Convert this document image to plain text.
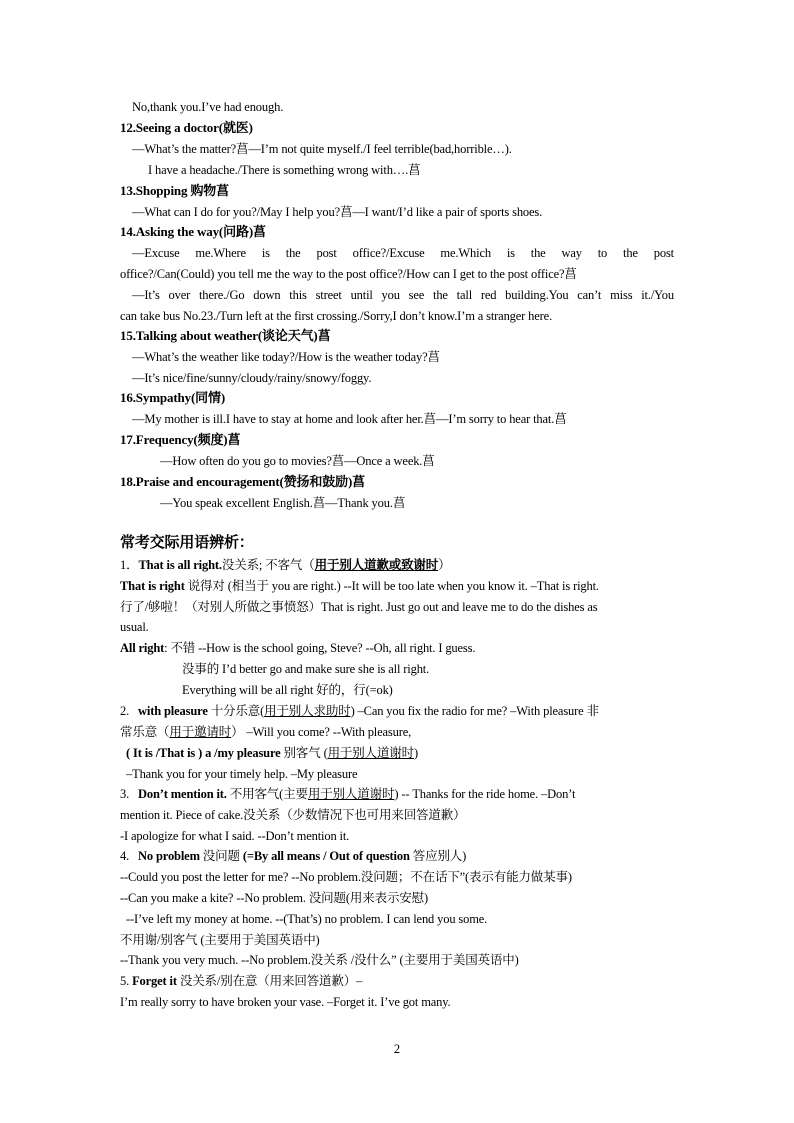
No,thank you.I’ve had enough.
12.Seeing a doctor(就医)
—What’s the matter?菖—I’m not quite myself./I feel terrible(bad,horrible…).
I have a headache./There is something wrong with….菖
13.Shopping 购物菖
—What can I do for you?/May I help you?菖—I want/I’d like a pair of sports shoes.
14.Asking the way(问路)菖
—Excuse me.Where is the post office?/Excuse me.Which is the way to the post
office?/Can(Could) you tell me the way to the post office?/How can I get to the post office?菖
—It’s over there./Go down this street until you see the tall red building.You can’t miss it./You
can take bus No.23./Turn left at the first crossing./Sorry,I don’t know.I’m a stranger here.
15.Talking about weather(谈论天气)菖
—What’s the weather like today?/How is the weather today?菖
—It’s nice/fine/sunny/cloudy/rainy/snowy/foggy.
16.Sympathy(同情)
—My mother is ill.I have to stay at home and look after her.菖—I’m sorry to hear that.菖
17.Frequency(频度)菖
—How often do you go to movies?菖—Once a week.菖
18.Praise and encouragement(赞扬和鼓励)菖
—You speak excellent English.菖—Thank you.菖
常考交际用语辨析：
1．That is all right.没关系; 不客气（用于别人道歉或致谢时）
That is right 说得对 (相当于 you are right.) --It will be too late when you know it. –That is right.
行了/够啦！（对别人所做之事愤怒）That is right. Just go out and leave me to do the dishes as
usual.
All right: 不错 --How is the school going, Steve? --Oh, all right. I guess.
没事的 I’d better go and make sure she is all right.
Everything will be all right 好的，行(=ok)
2. with pleasure 十分乐意(用于别人求助时) –Can you fix the radio for me? –With pleasure 非
常乐意（用于邀请时） –Will you come? --With pleasure,
( It is /That is ) a /my pleasure 别客气 (用于别人道谢时)
–Thank you for your timely help. –My pleasure
3. Don’t mention it. 不用客气(主要用于别人道谢时) -- Thanks for the ride home. –Don’t
mention it. Piece of cake.没关系（少数情况下也可用来回答道歉）
-I apologize for what I said. --Don’t mention it.
4. No problem 没问题 (=By all means / Out of question 答应别人)
--Could you post the letter for me? --No problem.没问题；不在话下”(表示有能力做某事)
--Can you make a kite? --No problem. 没问题(用来表示安慰)
--I’ve left my money at home. --(That’s) no problem. I can lend you some.
不用谢/别客气 (主要用于美国英语中)
--Thank you very much. --No problem.没关系 /没什么” (主要用于美国英语中)
5. Forget it 没关系/别在意（用来回答道歉）–
I’m really sorry to have broken your vase. –Forget it. I’ve got many.
2
